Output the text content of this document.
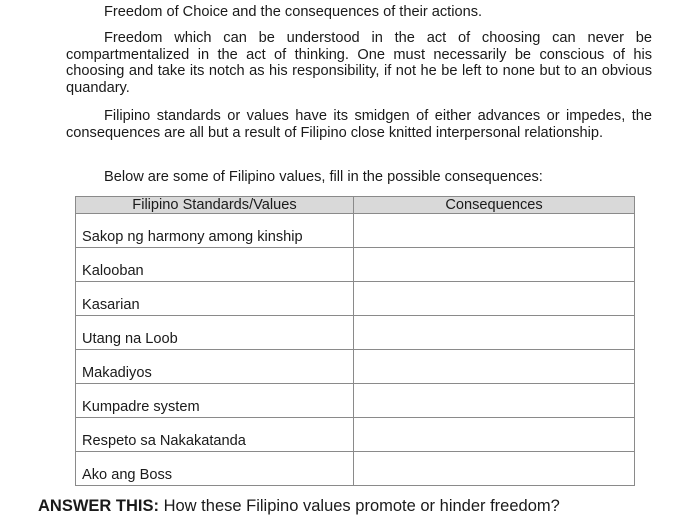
Freedom of Choice and the consequences of their actions.
Freedom which can be understood in the act of choosing can never be compartmentalized in the act of thinking. One must necessarily be conscious of his choosing and take its notch as his responsibility, if not he be left to none but to an obvious quandary.
Filipino standards or values have its smidgen of either advances or impedes, the consequences are all but a result of Filipino close knitted interpersonal relationship.
Below are some of Filipino values, fill in the possible consequences:
Filipino Standards/Values	Consequences
Sakop ng harmony among kinship	
Kalooban	
Kasarian	
Utang na Loob	
Makadiyos	
Kumpadre system	
Respeto sa Nakakatanda	
Ako ang Boss	
ANSWER THIS: How these Filipino values promote or hinder freedom?
